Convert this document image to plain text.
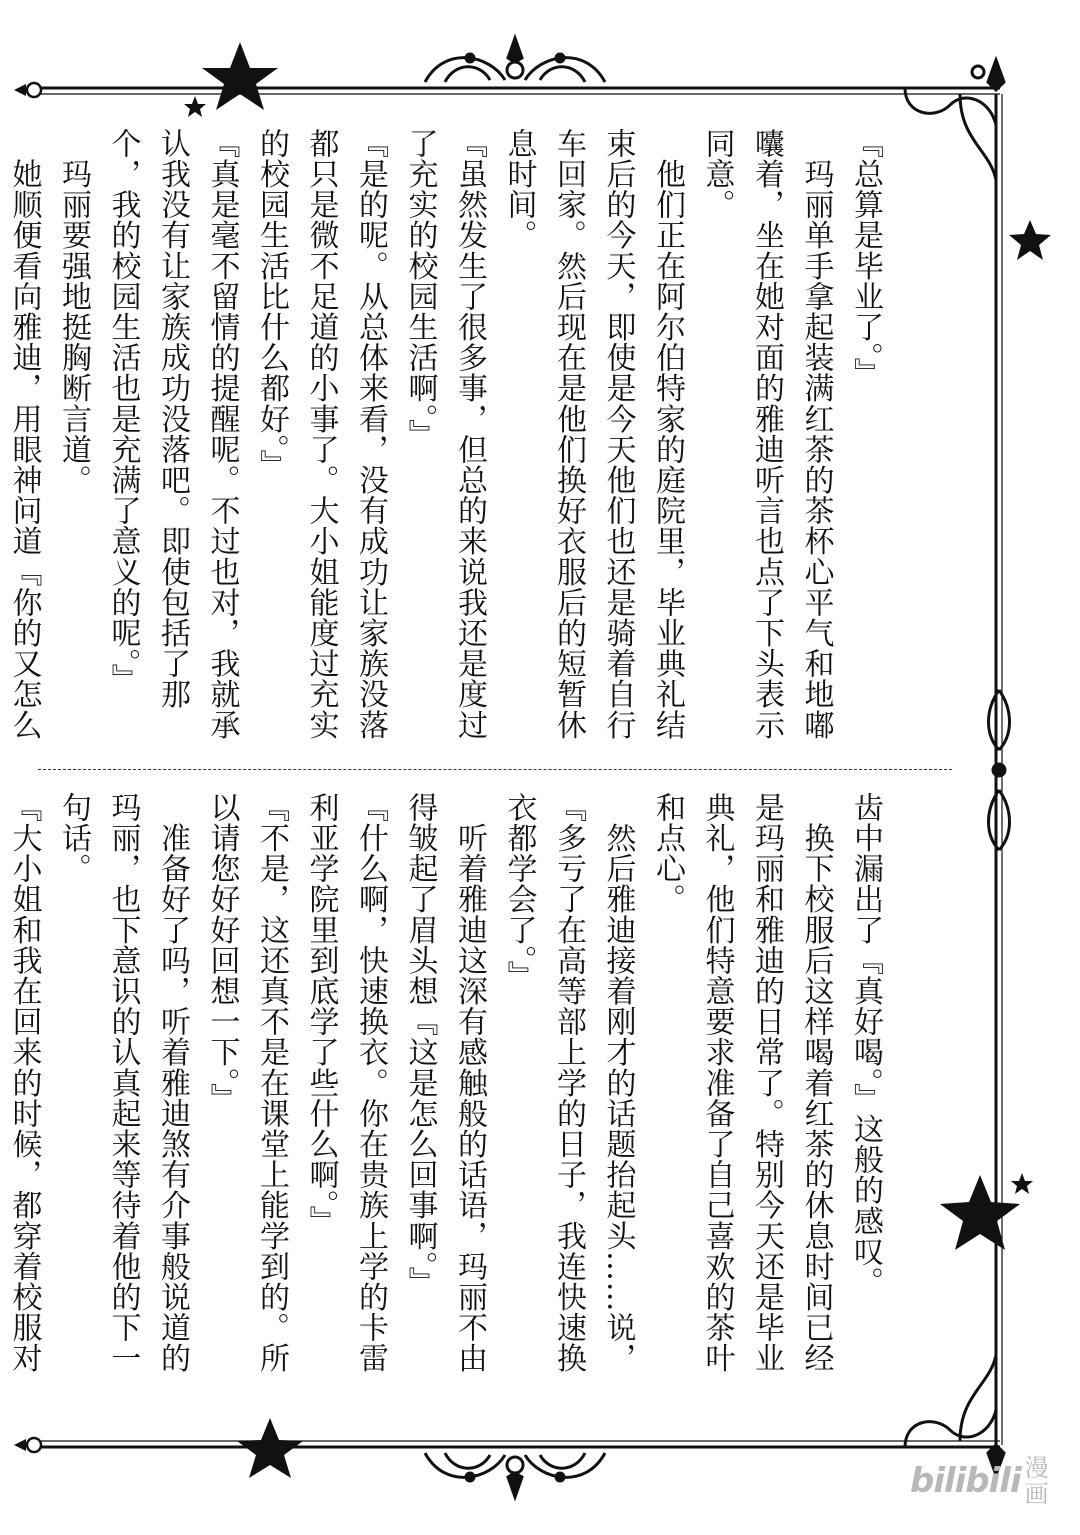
『总算是毕业了。』

　玛丽单手拿起装满红茶的茶杯心平气和地嘟囔着，坐在她对面的雅迪听言也点了下头表示同意。

　他们正在阿尔伯特家的庭院里，毕业典礼结束后的今天，即使是今天他们也还是骑着自行车回家。然后现在是他们换好衣服后的短暂休息时间。

『虽然发生了很多事，但总的来说我还是度过了充实的校园生活啊。』

『是的呢。从总体来看，没有成功让家族没落都只是微不足道的小事了。大小姐能度过充实的校园生活比什么都好。』

『真是毫不留情的提醒呢。不过也对，我就承认我没有让家族成功没落吧。即使包括了那个，我的校园生活也是充满了意义的呢。』

　玛丽要强地挺胸断言道。

　她顺便看向雅迪，用眼神问道『你的又怎么

齿中漏出了『真好喝。』这般的感叹。

　换下校服后这样喝着红茶的休息时间已经是玛丽和雅迪的日常了。特别今天还是毕业典礼，他们特意要求准备了自己喜欢的茶叶和点心。

　然后雅迪接着刚才的话题抬起头……说，

『多亏了在高等部上学的日子，我连快速换衣都学会了。』

　听着雅迪这深有感触般的话语，玛丽不由得皱起了眉头想『这是怎么回事啊。』

『什么啊，快速换衣。你在贵族上学的卡雷利亚学院里到底学了些什么啊。』

『不是，这还真不是在课堂上能学到的。所以请您好好回想一下。』

　准备好了吗，听着雅迪煞有介事般说道的玛丽，也下意识的认真起来等待着他的下一句话。

『大小姐和我在回来的时候，都穿着校服对

bilibili 漫画
